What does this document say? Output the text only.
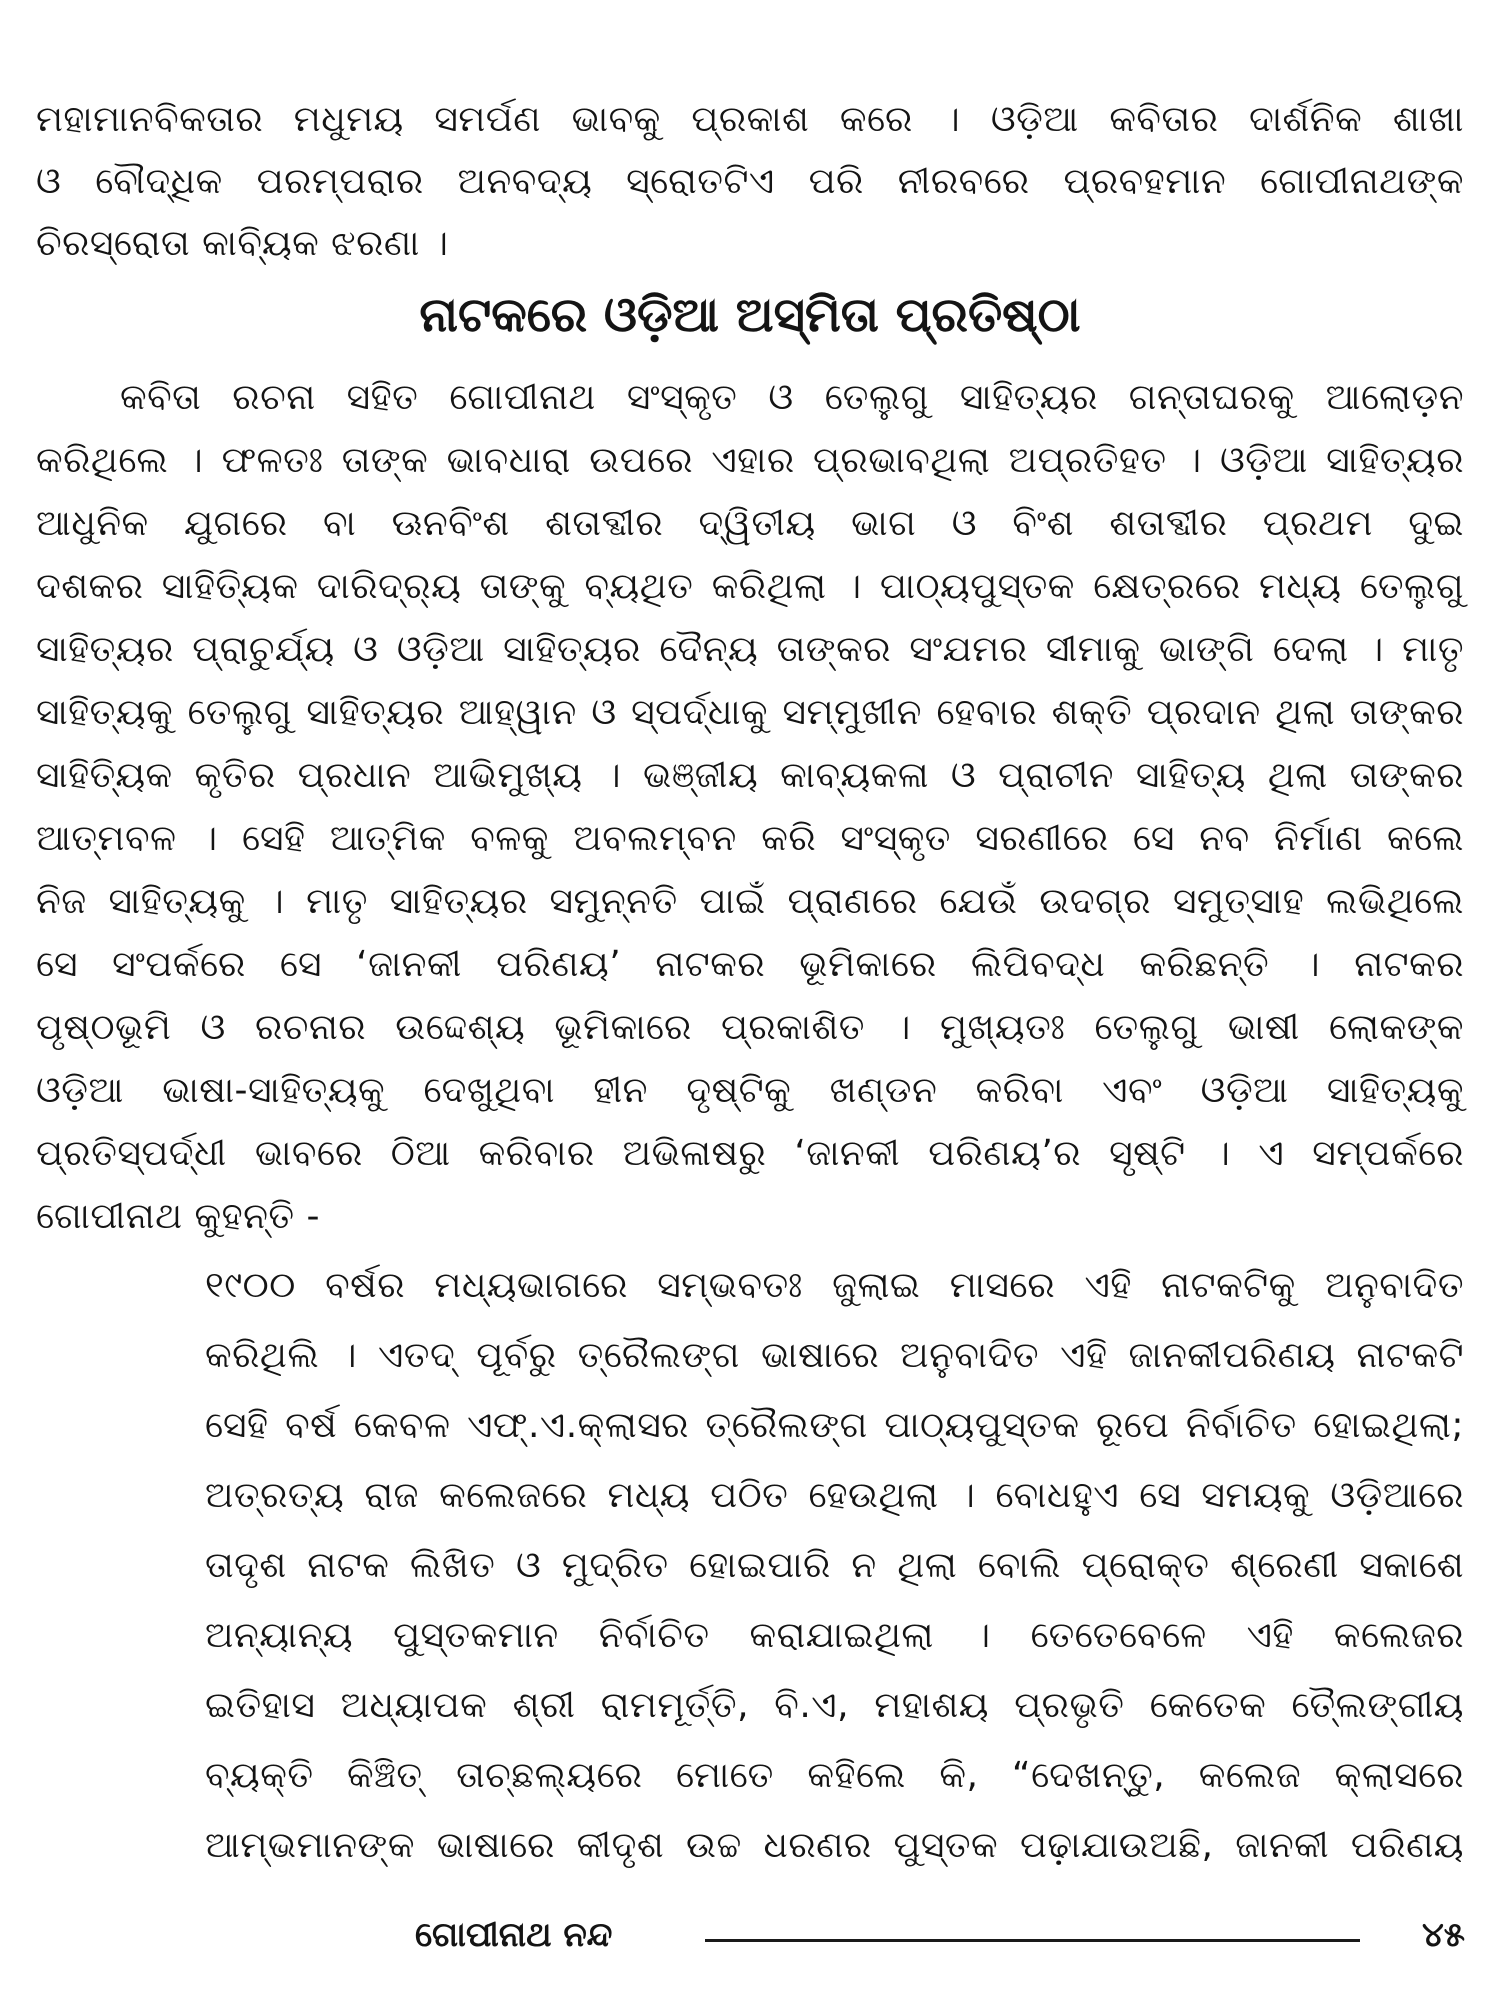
ମହାମାନବିକତାର ମଧୁମୟ ସମର୍ପଣ ଭାବକୁ ପ୍ରକାଶ କରେ । ଓଡ଼ିଆ କବିତାର ଦାର୍ଶନିକ ଶାଖା
ଓ ବୌଦ୍ଧିକ ପରମ୍ପରାର ଅନବଦ୍ୟ ସ୍ରୋତଟିଏ ପରି ନୀରବରେ ପ୍ରବହମାନ ଗୋପୀନାଥଙ୍କ
ଚିରସ୍ରୋତା କାବ୍ୟିକ ଝରଣା ।
ନାଟକରେ ଓଡ଼ିଆ ଅସ୍ମିତା ପ୍ରତିଷ୍ଠା
କବିତା ରଚନା ସହିତ ଗୋପୀନାଥ ସଂସ୍କୃତ ଓ ତେଲୁଗୁ ସାହିତ୍ୟର ଗନ୍ତାଘରକୁ ଆଲୋଡ଼ନ
କରିଥିଲେ । ଫଳତଃ ତାଙ୍କ ଭାବଧାରା ଉପରେ ଏହାର ପ୍ରଭାବଥିଲା ଅପ୍ରତିହତ । ଓଡ଼ିଆ ସାହିତ୍ୟର
ଆଧୁନିକ ଯୁଗରେ ବା ଊନବିଂଶ ଶତାବ୍ଦୀର ଦ୍ୱିତୀୟ ଭାଗ ଓ ବିଂଶ ଶତାବ୍ଦୀର ପ୍ରଥମ ଦୁଇ
ଦଶକର ସାହିତ୍ୟିକ ଦାରିଦ୍ର୍ୟ ତାଙ୍କୁ ବ୍ୟଥିତ କରିଥିଲା । ପାଠ୍ୟପୁସ୍ତକ କ୍ଷେତ୍ରରେ ମଧ୍ୟ ତେଲୁଗୁ
ସାହିତ୍ୟର ପ୍ରାଚୁର୍ଯ୍ୟ ଓ ଓଡ଼ିଆ ସାହିତ୍ୟର ଦୈନ୍ୟ ତାଙ୍କର ସଂଯମର ସୀମାକୁ ଭାଙ୍ଗି ଦେଲା । ମାତୃ
ସାହିତ୍ୟକୁ ତେଲୁଗୁ ସାହିତ୍ୟର ଆହ୍ୱାନ ଓ ସ୍ପର୍ଦ୍ଧାକୁ ସମ୍ମୁଖୀନ ହେବାର ଶକ୍ତି ପ୍ରଦାନ ଥିଲା ତାଙ୍କର
ସାହିତ୍ୟିକ କୃତିର ପ୍ରଧାନ ଆଭିମୁଖ୍ୟ । ଭଞ୍ଜୀୟ କାବ୍ୟକଳା ଓ ପ୍ରାଚୀନ ସାହିତ୍ୟ ଥିଲା ତାଙ୍କର
ଆତ୍ମବଳ । ସେହି ଆତ୍ମିକ ବଳକୁ ଅବଲମ୍ବନ କରି ସଂସ୍କୃତ ସରଣୀରେ ସେ ନବ ନିର୍ମାଣ କଲେ
ନିଜ ସାହିତ୍ୟକୁ । ମାତୃ ସାହିତ୍ୟର ସମୁନ୍ନତି ପାଇଁ ପ୍ରାଣରେ ଯେଉଁ ଉଦଗ୍ର ସମୁତ୍ସାହ ଲଭିଥିଲେ
ସେ ସଂପର୍କରେ ସେ ‘ଜାନକୀ ପରିଣୟ’ ନାଟକର ଭୂମିକାରେ ଲିପିବଦ୍ଧ କରିଛନ୍ତି । ନାଟକର
ପୃଷ୍ଠଭୂମି ଓ ରଚନାର ଉଦ୍ଦେଶ୍ୟ ଭୂମିକାରେ ପ୍ରକାଶିତ । ମୁଖ୍ୟତଃ ତେଲୁଗୁ ଭାଷୀ ଲୋକଙ୍କ
ଓଡ଼ିଆ ଭାଷା-ସାହିତ୍ୟକୁ ଦେଖୁଥିବା ହୀନ ଦୃଷ୍ଟିକୁ ଖଣ୍ଡନ କରିବା ଏବଂ ଓଡ଼ିଆ ସାହିତ୍ୟକୁ
ପ୍ରତିସ୍ପର୍ଦ୍ଧୀ ଭାବରେ ଠିଆ କରିବାର ଅଭିଳାଷରୁ ‘ଜାନକୀ ପରିଣୟ’ର ସୃଷ୍ଟି । ଏ ସମ୍ପର୍କରେ
ଗୋପୀନାଥ କୁହନ୍ତି -
୧୯୦୦ ବର୍ଷର ମଧ୍ୟଭାଗରେ ସମ୍ଭବତଃ ଜୁଲାଇ ମାସରେ ଏହି ନାଟକଟିକୁ ଅନୁବାଦିତ
କରିଥିଲି । ଏତଦ୍ ପୂର୍ବରୁ ତ୍ରୈଲଙ୍ଗ ଭାଷାରେ ଅନୁବାଦିତ ଏହି ଜାନକୀପରିଣୟ ନାଟକଟି
ସେହି ବର୍ଷ କେବଳ ଏଫ୍.ଏ.କ୍ଲାସର ତ୍ରୈଲଙ୍ଗ ପାଠ୍ୟପୁସ୍ତକ ରୂପେ ନିର୍ବାଚିତ ହୋଇଥିଲା;
ଅତ୍ରତ୍ୟ ରାଜ କଲେଜରେ ମଧ୍ୟ ପଠିତ ହେଉଥିଲା । ବୋଧହୁଏ ସେ ସମୟକୁ ଓଡ଼ିଆରେ
ତାଦୃଶ ନାଟକ ଲିଖିତ ଓ ମୁଦ୍ରିତ ହୋଇପାରି ନ ଥିଲା ବୋଲି ପ୍ରୋକ୍ତ ଶ୍ରେଣୀ ସକାଶେ
ଅନ୍ୟାନ୍ୟ ପୁସ୍ତକମାନ ନିର୍ବାଚିତ କରାଯାଇଥିଲା । ତେତେବେଳେ ଏହି କଲେଜର
ଇତିହାସ ଅଧ୍ୟାପକ ଶ୍ରୀ ରାମମୂର୍ତ୍ତି, ବି.ଏ, ମହାଶୟ ପ୍ରଭୃତି କେତେକ ତୈ୍ଲଙ୍ଗୀୟ
ବ୍ୟକ୍ତି କିଞ୍ଚିତ୍ ତାଚ୍ଛଲ୍ୟରେ ମୋତେ କହିଲେ କି, “ଦେଖନ୍ତୁ, କଲେଜ କ୍ଲାସରେ
ଆମ୍ଭମାନଙ୍କ ଭାଷାରେ କୀଦୃଶ ଉଚ୍ଚ ଧରଣର ପୁସ୍ତକ ପଢ଼ାଯାଉଅଛି, ଜାନକୀ ପରିଣୟ
ଗୋପୀନାଥ ନନ୍ଦ	୪୫
